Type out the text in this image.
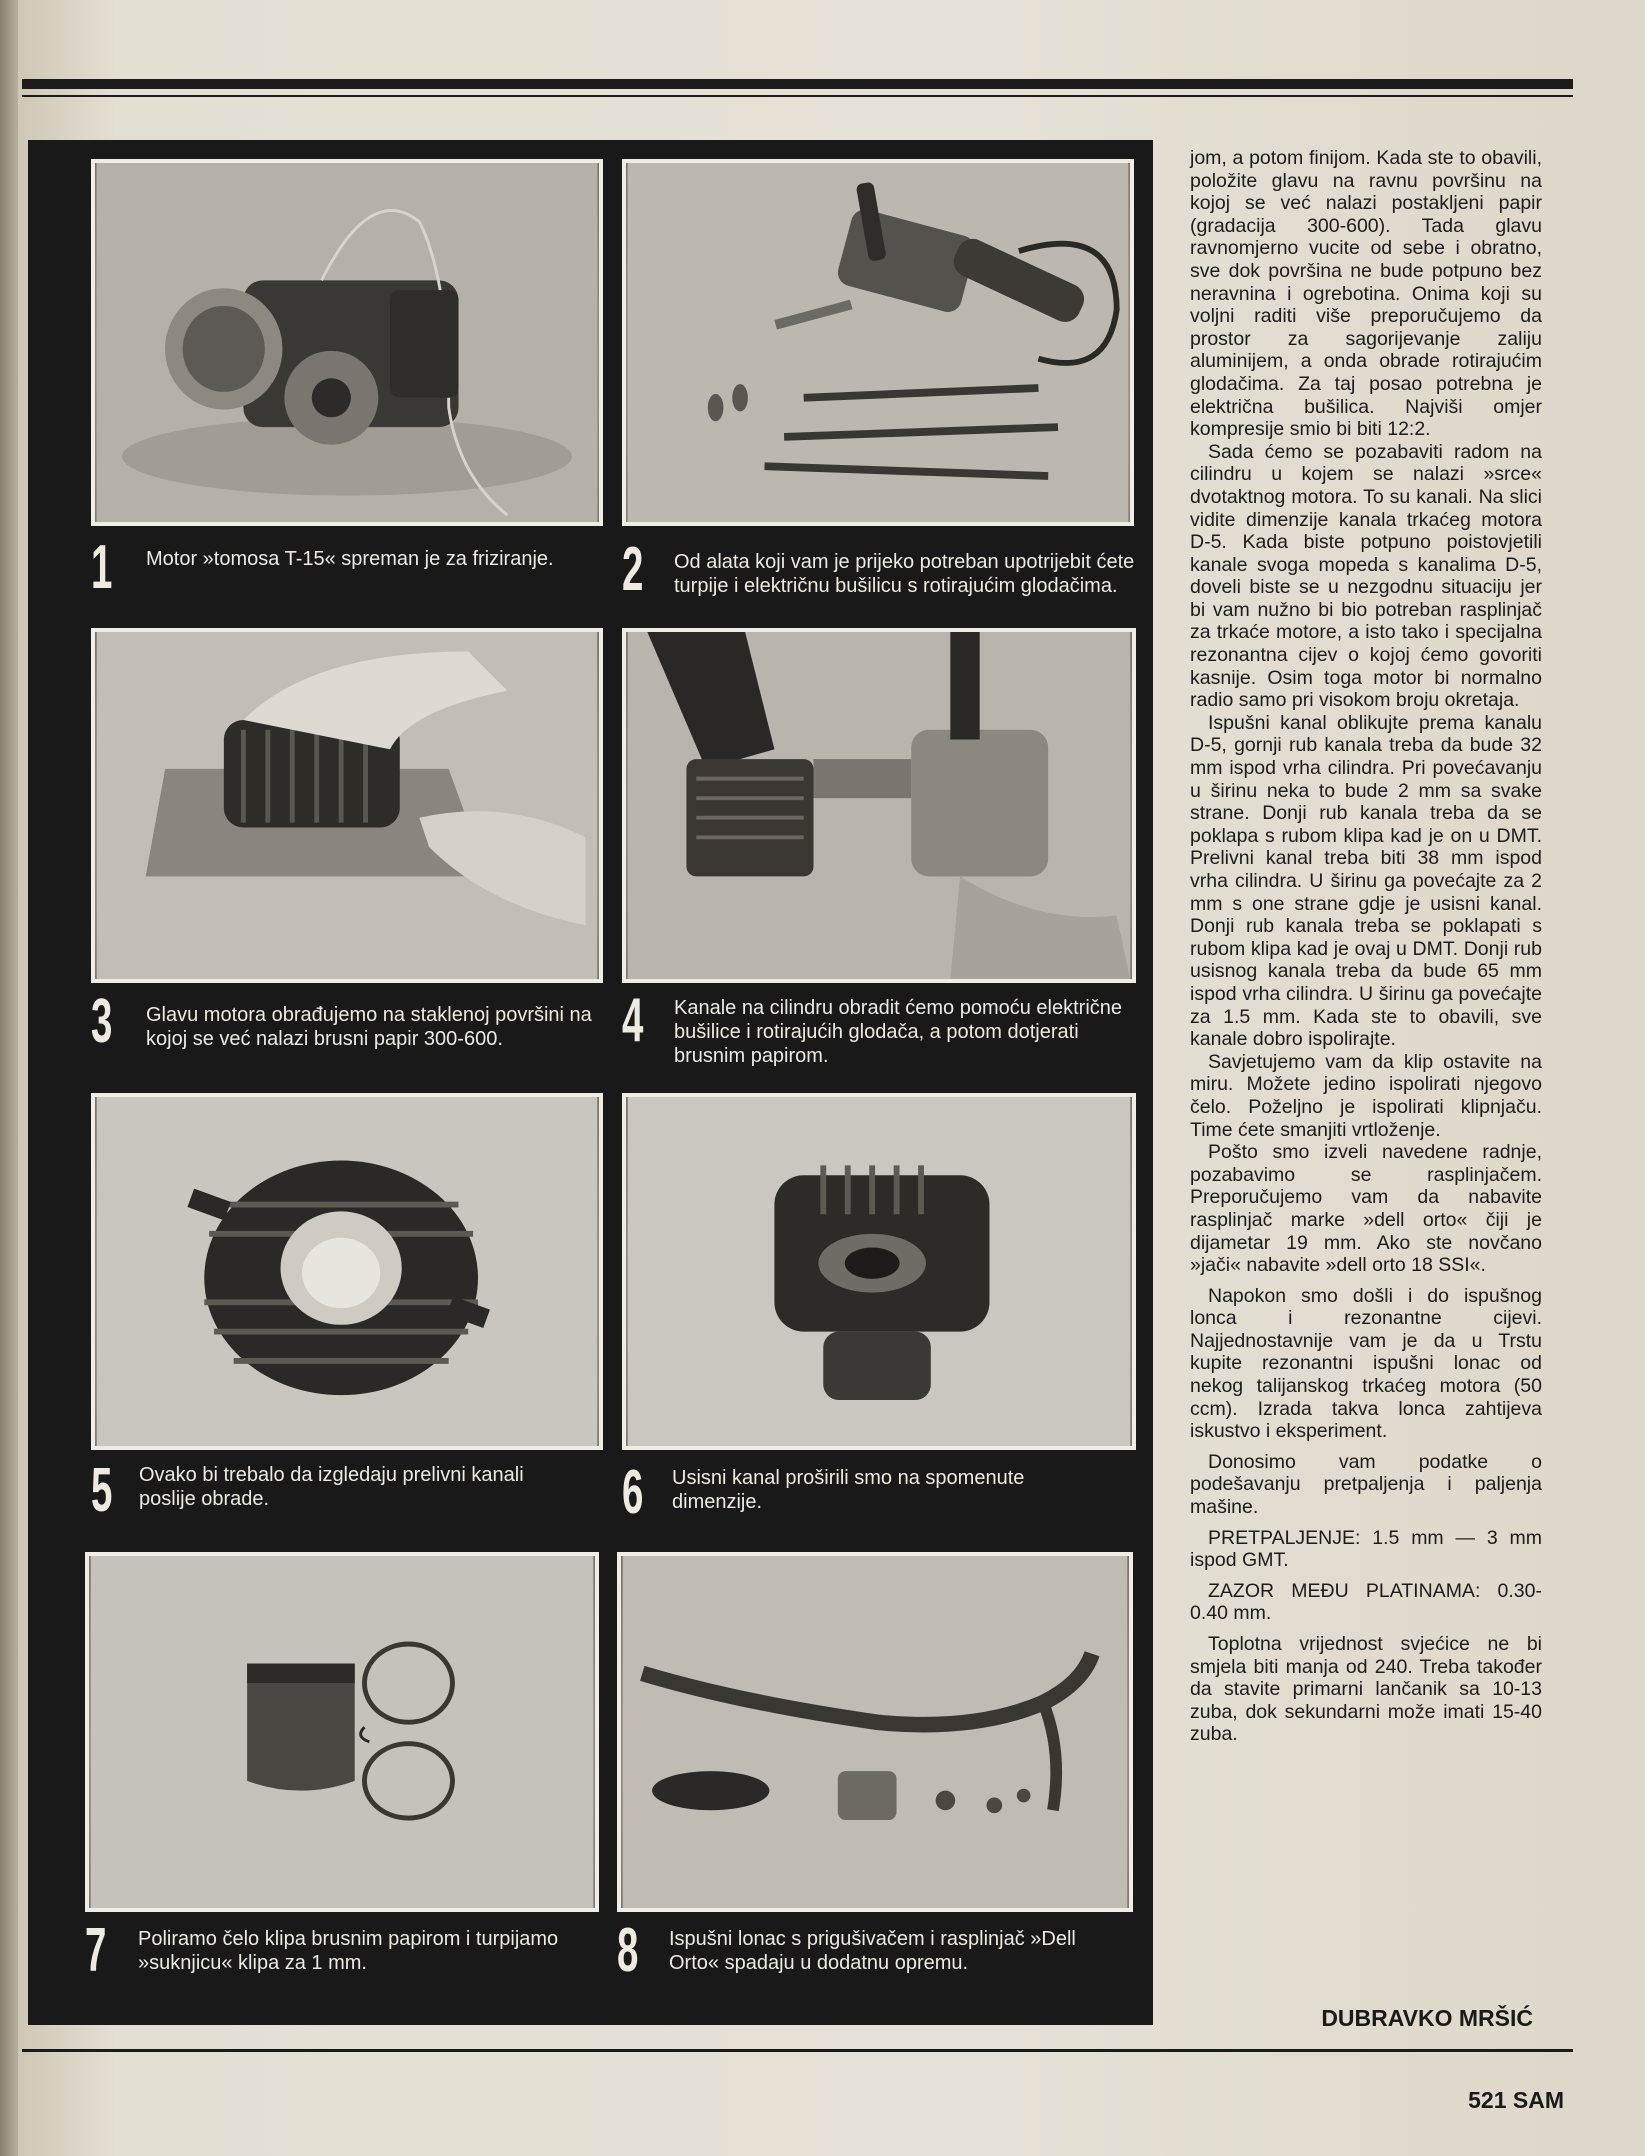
1 Motor »tomosa T-15« spreman je za friziranje.	2 Od alata koji vam je prijeko potreban upotrijebit ćete turpije i električnu bušilicu s rotirajućim glodačima.
3 Glavu motora obrađujemo na staklenoj površini na kojoj se već nalazi brusni papir 300-600.	4 Kanale na cilindru obradit ćemo pomoću električne bušilice i rotirajućih glodača, a potom dotjerati brusnim papirom.
5 Ovako bi trebalo da izgledaju prelivni kanali poslije obrade.	6 Usisni kanal proširili smo na spomenute dimenzije.
7 Poliramo čelo klipa brusnim papirom i turpijamo »suknjicu« klipa za 1 mm.	8 Ispušni lonac s prigušivačem i rasplinjač »Dell Orto« spadaju u dodatnu opremu.

jom, a potom finijom. Kada ste to obavili, položite glavu na ravnu površinu na kojoj se već nalazi postakljeni papir (gradacija 300-600). Tada glavu ravnomjerno vucite od sebe i obratno, sve dok površina ne bude potpuno bez neravnina i ogrebotina. Onima koji su voljni raditi više preporučujemo da prostor za sagorijevanje zaliju aluminijem, a onda obrade rotirajućim glodačima. Za taj posao potrebna je električna bušilica. Najviši omjer kompresije smio bi biti 12:2.

Sada ćemo se pozabaviti radom na cilindru u kojem se nalazi »srce« dvotaktnog motora. To su kanali. Na slici vidite dimenzije kanala trkaćeg motora D-5. Kada biste potpuno poistovjetili kanale svoga mopeda s kanalima D-5, doveli biste se u nezgodnu situaciju jer bi vam nužno bi bio potreban rasplinjač za trkaće motore, a isto tako i specijalna rezonantna cijev o kojoj ćemo govoriti kasnije. Osim toga motor bi normalno radio samo pri visokom broju okretaja.

Ispušni kanal oblikujte prema kanalu D-5, gornji rub kanala treba da bude 32 mm ispod vrha cilindra. Pri povećavanju u širinu neka to bude 2 mm sa svake strane. Donji rub kanala treba da se poklapa s rubom klipa kad je on u DMT. Prelivni kanal treba biti 38 mm ispod vrha cilindra. U širinu ga povećajte za 2 mm s one strane gdje je usisni kanal. Donji rub kanala treba se poklapati s rubom klipa kad je ovaj u DMT. Donji rub usisnog kanala treba da bude 65 mm ispod vrha cilindra. U širinu ga povećajte za 1.5 mm. Kada ste to obavili, sve kanale dobro ispolirajte.

Savjetujemo vam da klip ostavite na miru. Možete jedino ispolirati njegovo čelo. Poželjno je ispolirati klipnjaču. Time ćete smanjiti vrtloženje.

Pošto smo izveli navedene radnje, pozabavimo se rasplinjačem. Preporučujemo vam da nabavite rasplinjač marke »dell orto« čiji je dijametar 19 mm. Ako ste novčano »jači« nabavite »dell orto 18 SSI«.

Napokon smo došli i do ispušnog lonca i rezonantne cijevi. Najjednostavnije vam je da u Trstu kupite rezonantni ispušni lonac od nekog talijanskog trkaćeg motora (50 ccm). Izrada takva lonca zahtijeva iskustvo i eksperiment.

Donosimo vam podatke o podešavanju pretpaljenja i paljenja mašine.

PRETPALJENJE: 1.5 mm — 3 mm ispod GMT.

ZAZOR MEĐU PLATINAMA: 0.30-0.40 mm.

Toplotna vrijednost svjećice ne bi smjela biti manja od 240. Treba također da stavite primarni lančanik sa 10-13 zuba, dok sekundarni može imati 15-40 zuba.

DUBRAVKO MRŠIĆ
521 SAM
